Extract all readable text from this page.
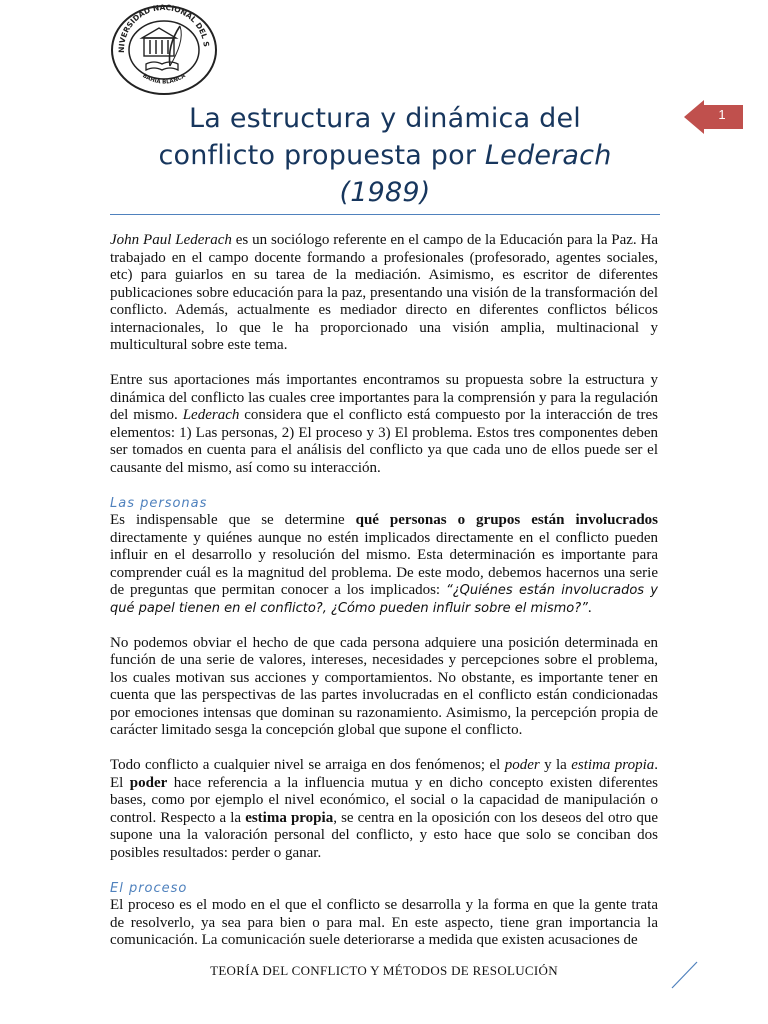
NIVERSIDAD NACIONAL DEL S
BAHIA BLANCA
1
La estructura y dinámica del
conflicto propuesta por Lederach
(1989)

John Paul Lederach es un sociólogo referente en el campo de la Educación para la Paz. Ha trabajado en el campo docente formando a profesionales (profesorado, agentes sociales, etc) para guiarlos en su tarea de la mediación. Asimismo, es escritor de diferentes publicaciones sobre educación para la paz, presentando una visión de la transformación del conflicto. Además, actualmente es mediador directo en diferentes conflictos bélicos internacionales, lo que le ha proporcionado una visión amplia, multinacional y multicultural sobre este tema.

Entre sus aportaciones más importantes encontramos su propuesta sobre la estructura y dinámica del conflicto las cuales cree importantes para la comprensión y para la regulación del mismo. Lederach considera que el conflicto está compuesto por la interacción de tres elementos: 1) Las personas, 2) El proceso y 3) El problema. Estos tres componentes deben ser tomados en cuenta para el análisis del conflicto ya que cada uno de ellos puede ser el causante del mismo, así como su interacción.

Las personas

Es indispensable que se determine qué personas o grupos están involucrados directamente y quiénes aunque no estén implicados directamente en el conflicto pueden influir en el desarrollo y resolución del mismo. Esta determinación es importante para comprender cuál es la magnitud del problema. De este modo, debemos hacernos una serie de preguntas que permitan conocer a los implicados: “¿Quiénes están involucrados y qué papel tienen en el conflicto?, ¿Cómo pueden influir sobre el mismo?”.

No podemos obviar el hecho de que cada persona adquiere una posición determinada en función de una serie de valores, intereses, necesidades y percepciones sobre el problema, los cuales motivan sus acciones y comportamientos. No obstante, es importante tener en cuenta que las perspectivas de las partes involucradas en el conflicto están condicionadas por emociones intensas que dominan su razonamiento. Asimismo, la percepción propia de carácter limitado sesga la concepción global que supone el conflicto.

Todo conflicto a cualquier nivel se arraiga en dos fenómenos; el poder y la estima propia. El poder hace referencia a la influencia mutua y en dicho concepto existen diferentes bases, como por ejemplo el nivel económico, el social o la capacidad de manipulación o control. Respecto a la estima propia, se centra en la oposición con los deseos del otro que supone una la valoración personal del conflicto, y esto hace que solo se conciban dos posibles resultados: perder o ganar.

El proceso

El proceso es el modo en el que el conflicto se desarrolla y la forma en que la gente trata de resolverlo, ya sea para bien o para mal. En este aspecto, tiene gran importancia la comunicación. La comunicación suele deteriorarse a medida que existen acusaciones de

TEORÍA DEL CONFLICTO Y MÉTODOS DE RESOLUCIÓN
